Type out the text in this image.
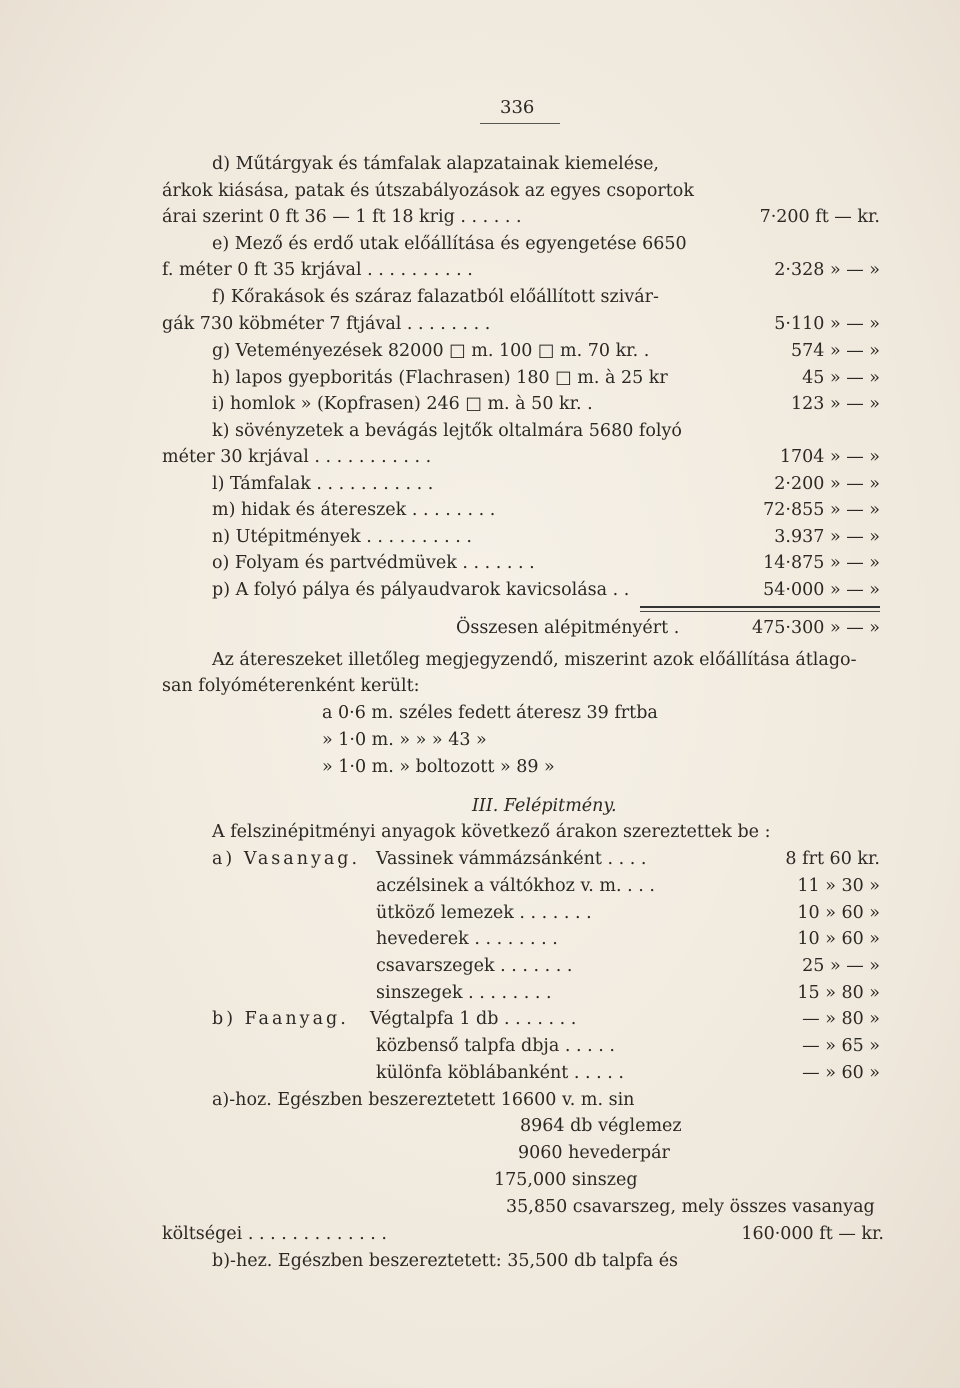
336
d) Műtárgyak és támfalak alapzatainak kiemelése,
árkok kiásása, patak és útszabályozások az egyes csoportok
árai szerint 0 ft 36 — 1 ft 18 krig . . . . . .	7·200 ft — kr.
e) Mező és erdő utak előállítása és egyengetése 6650
f. méter 0 ft 35 krjával . . . . . . . . . .	2·328 » — »
f) Kőrakások és száraz falazatból előállított szivár-
gák 730 köbméter 7 ftjával . . . . . . . .	5·110 » — »
g) Veteményezések 82000 □ m. 100 □ m. 70 kr. .	574 » — »
h) lapos gyepboritás (Flachrasen) 180 □ m. à 25 kr	45 » — »
i) homlok » (Kopfrasen) 246 □ m. à 50 kr. .	123 » — »
k) sövényzetek a bevágás lejtők oltalmára 5680 folyó
méter 30 krjával . . . . . . . . . . .	1704 » — »
l) Támfalak . . . . . . . . . . .	2·200 » — »
m) hidak és átereszek . . . . . . . .	72·855 » — »
n) Utépitmények . . . . . . . . . .	3.937 » — »
o) Folyam és partvédmüvek . . . . . . .	14·875 » — »
p) A folyó pálya és pályaudvarok kavicsolása . .	54·000 » — »
Összesen alépitményért .	475·300 » — »
Az átereszeket illetőleg megjegyzendő, miszerint azok előállítása átlago-
san folyóméterenként került:
a 0·6 m. széles fedett áteresz 39 frtba
» 1·0 m. » » » 43 »
» 1·0 m. » boltozott » 89 »
III. Felépitmény.
A felszinépitményi anyagok következő árakon szereztettek be :
a) Vasanyag. Vassinek vámmázsánként . . . .	8 frt 60 kr.
aczélsinek a váltókhoz v. m. . . .	11 » 30 »
ütköző lemezek . . . . . . .	10 » 60 »
hevederek . . . . . . . .	10 » 60 »
csavarszegek . . . . . . .	25 » — »
sinszegek . . . . . . . .	15 » 80 »
b) Faanyag. Végtalpfa 1 db . . . . . . .	— » 80 »
közbenső talpfa dbja . . . . .	— » 65 »
különfa köblábanként . . . . .	— » 60 »
a)-hoz. Egészben beszereztetett 16600 v. m. sin
8964 db véglemez
9060 hevederpár
175,000 sinszeg
35,850 csavarszeg, mely összes vasanyag
költségei . . . . . . . . . . . . .	160·000 ft — kr.
b)-hez. Egészben beszereztetett: 35,500 db talpfa és
